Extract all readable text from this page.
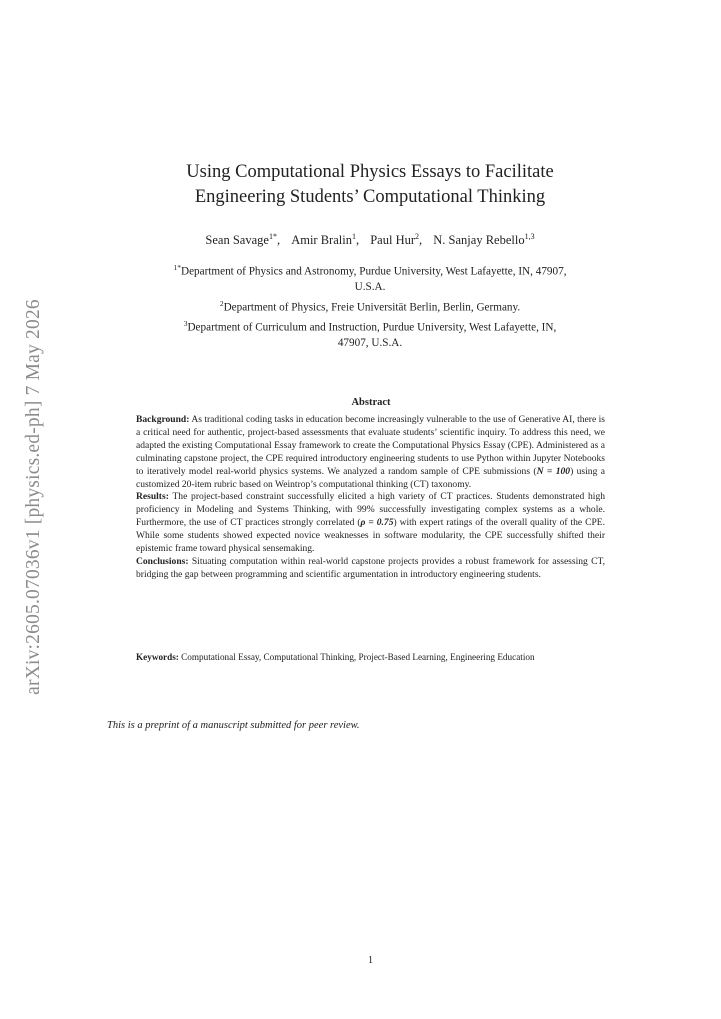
arXiv:2605.07036v1 [physics.ed-ph] 7 May 2026
Using Computational Physics Essays to Facilitate
Engineering Students’ Computational Thinking
Sean Savage$^{1*}$, Amir Bralin$^1$, Paul Hur$^2$, N. Sanjay Rebello$^{1,3}$
$^{1*}$Department of Physics and Astronomy, Purdue University, West Lafayette, IN, 47907,
U.S.A.
$^2$Department of Physics, Freie Universität Berlin, Berlin, Germany.
$^3$Department of Curriculum and Instruction, Purdue University, West Lafayette, IN,
47907, U.S.A.
Abstract

Background: As traditional coding tasks in education become increasingly vulnerable to the use of Generative AI, there is a critical need for authentic, project-based assessments that evaluate students’ scientific inquiry. To address this need, we adapted the existing Computational Essay framework to create the Computational Physics Essay (CPE). Administered as a culminating capstone project, the CPE required introductory engineering students to use Python within Jupyter Notebooks to iteratively model real-world physics systems. We analyzed a random sample of CPE submissions (N = 100) using a customized 20-item rubric based on Weintrop’s computational thinking (CT) taxonomy.

Results: The project-based constraint successfully elicited a high variety of CT practices. Students demonstrated high proficiency in Modeling and Systems Thinking, with 99% successfully investigating complex systems as a whole. Furthermore, the use of CT practices strongly correlated (ρ = 0.75) with expert ratings of the overall quality of the CPE. While some students showed expected novice weaknesses in software modularity, the CPE successfully shifted their epistemic frame toward physical sensemaking.

Conclusions: Situating computation within real-world capstone projects provides a robust framework for assessing CT, bridging the gap between programming and scientific argumentation in introductory engineering students.

Keywords: Computational Essay, Computational Thinking, Project-Based Learning, Engineering Education
This is a preprint of a manuscript submitted for peer review.
1
